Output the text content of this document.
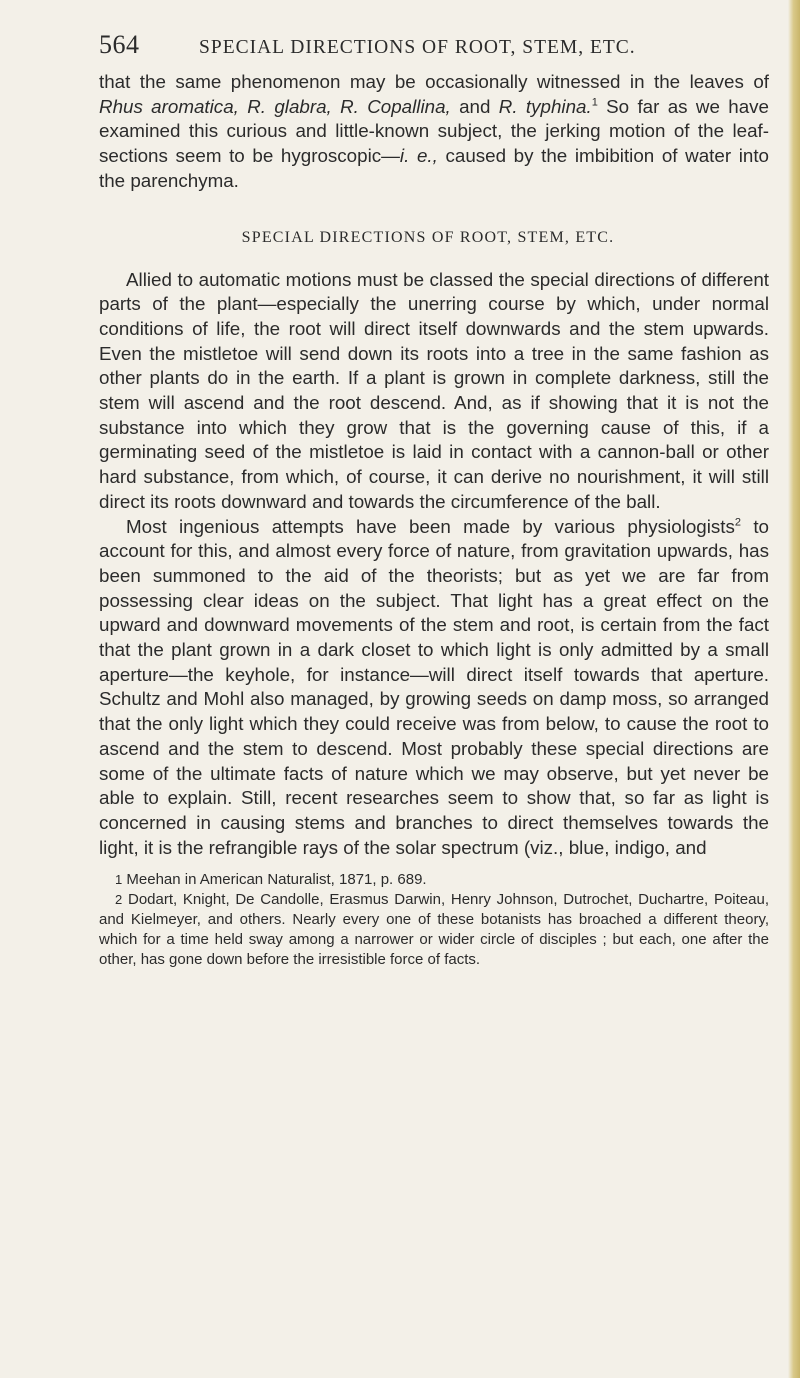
564	SPECIAL DIRECTIONS OF ROOT, STEM, ETC.

that the same phenomenon may be occasionally witnessed in the leaves of Rhus aromatica, R. glabra, R. Copallina, and R. typhina.$^1$ So far as we have examined this curious and little-known subject, the jerking motion of the leaf-sections seem to be hygroscopic—i. e., caused by the imbibition of water into the parenchyma.

SPECIAL DIRECTIONS OF ROOT, STEM, ETC.

Allied to automatic motions must be classed the special directions of different parts of the plant—especially the unerring course by which, under normal conditions of life, the root will direct itself downwards and the stem upwards. Even the mistletoe will send down its roots into a tree in the same fashion as other plants do in the earth. If a plant is grown in complete darkness, still the stem will ascend and the root descend. And, as if showing that it is not the substance into which they grow that is the governing cause of this, if a germinating seed of the mistletoe is laid in contact with a cannon-ball or other hard substance, from which, of course, it can derive no nourishment, it will still direct its roots downward and towards the circumference of the ball.

Most ingenious attempts have been made by various physiologists$^2$ to account for this, and almost every force of nature, from gravitation upwards, has been summoned to the aid of the theorists; but as yet we are far from possessing clear ideas on the subject. That light has a great effect on the upward and downward movements of the stem and root, is certain from the fact that the plant grown in a dark closet to which light is only admitted by a small aperture—the keyhole, for instance—will direct itself towards that aperture. Schultz and Mohl also managed, by growing seeds on damp moss, so arranged that the only light which they could receive was from below, to cause the root to ascend and the stem to descend. Most probably these special directions are some of the ultimate facts of nature which we may observe, but yet never be able to explain. Still, recent researches seem to show that, so far as light is concerned in causing stems and branches to direct themselves towards the light, it is the refrangible rays of the solar spectrum (viz., blue, indigo, and

1 Meehan in American Naturalist, 1871, p. 689.

2 Dodart, Knight, De Candolle, Erasmus Darwin, Henry Johnson, Dutrochet, Duchartre, Poiteau, and Kielmeyer, and others. Nearly every one of these botanists has broached a different theory, which for a time held sway among a narrower or wider circle of disciples ; but each, one after the other, has gone down before the irresistible force of facts.
